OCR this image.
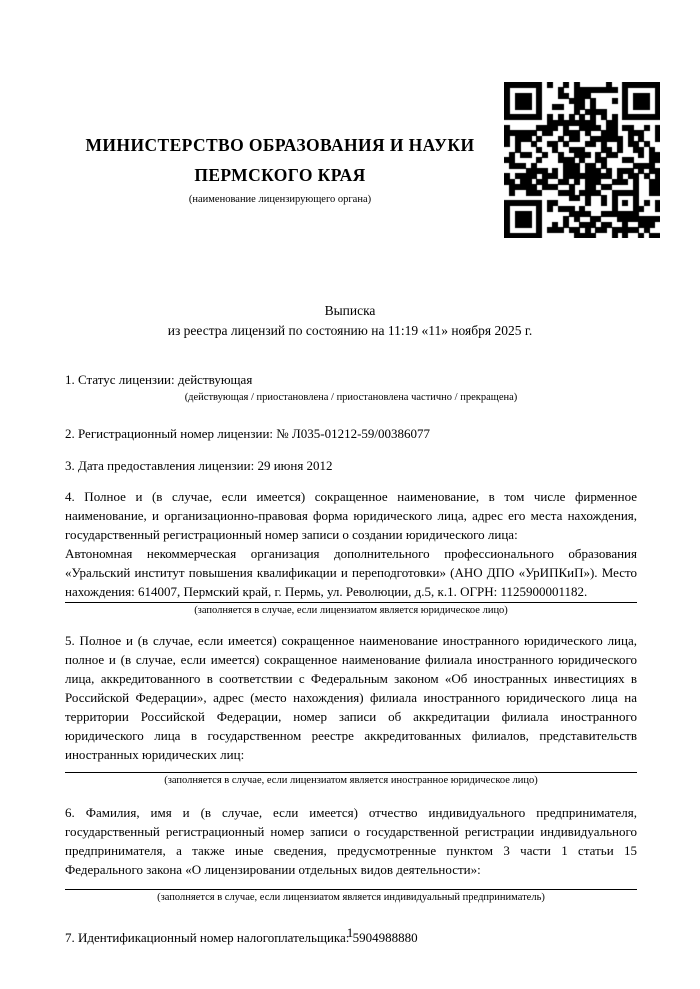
МИНИСТЕРСТВО ОБРАЗОВАНИЯ И НАУКИ
ПЕРМСКОГО КРАЯ
(наименование лицензирующего органа)
Выписка
из реестра лицензий по состоянию на 11:19 «11» ноября 2025 г.
1. Статус лицензии: действующая
(действующая / приостановлена / приостановлена частично / прекращена)
2. Регистрационный номер лицензии: № Л035-01212-59/00386077
3. Дата предоставления лицензии: 29 июня 2012

4. Полное и (в случае, если имеется) сокращенное наименование, в том числе фирменное наименование, и организационно-правовая форма юридического лица, адрес его места нахождения, государственный регистрационный номер записи о создании юридического лица:

Автономная некоммерческая организация дополнительного профессионального образования «Уральский институт повышения квалификации и переподготовки» (АНО ДПО «УрИПКиП»). Место нахождения: 614007, Пермский край, г. Пермь, ул. Революции, д.5, к.1. ОГРН: 1125900001182.

(заполняется в случае, если лицензиатом является юридическое лицо)

5. Полное и (в случае, если имеется) сокращенное наименование иностранного юридического лица, полное и (в случае, если имеется) сокращенное наименование филиала иностранного юридического лица, аккредитованного в соответствии с Федеральным законом «Об иностранных инвестициях в Российской Федерации», адрес (место нахождения) филиала иностранного юридического лица на территории Российской Федерации, номер записи об аккредитации филиала иностранного юридического лица в государственном реестре аккредитованных филиалов, представительств иностранных юридических лиц:

(заполняется в случае, если лицензиатом является иностранное юридическое лицо)

6. Фамилия, имя и (в случае, если имеется) отчество индивидуального предпринимателя, государственный регистрационный номер записи о государственной регистрации индивидуального предпринимателя, а также иные сведения, предусмотренные пунктом 3 части 1 статьи 15 Федерального закона «О лицензировании отдельных видов деятельности»:

(заполняется в случае, если лицензиатом является индивидуальный предприниматель)
7. Идентификационный номер налогоплательщика: 5904988880
1
